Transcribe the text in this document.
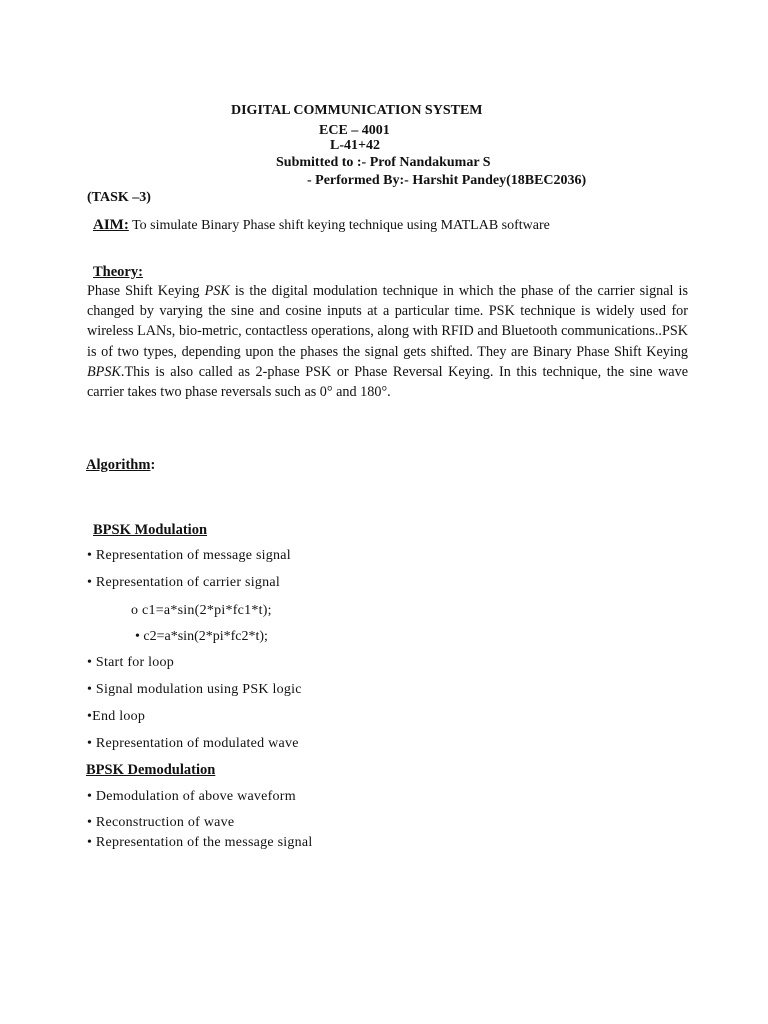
DIGITAL COMMUNICATION SYSTEM
ECE – 4001
L-41+42
Submitted to :- Prof Nandakumar S
- Performed By:- Harshit Pandey(18BEC2036)
(TASK –3)
AIM: To simulate Binary Phase shift keying technique using MATLAB software
Theory:
Phase Shift Keying PSK is the digital modulation technique in which the phase of the carrier signal is changed by varying the sine and cosine inputs at a particular time. PSK technique is widely used for wireless LANs, bio-metric, contactless operations, along with RFID and Bluetooth communications..PSK is of two types, depending upon the phases the signal gets shifted. They are Binary Phase Shift Keying BPSK.This is also called as 2-phase PSK or Phase Reversal Keying. In this technique, the sine wave carrier takes two phase reversals such as 0° and 180°.
Algorithm:
BPSK Modulation
• Representation of message signal
• Representation of carrier signal
o c1=a*sin(2*pi*fc1*t);
• c2=a*sin(2*pi*fc2*t);
• Start for loop
• Signal modulation using PSK logic
•End loop
• Representation of modulated wave
BPSK Demodulation
• Demodulation of above waveform
• Reconstruction of wave
• Representation of the message signal
